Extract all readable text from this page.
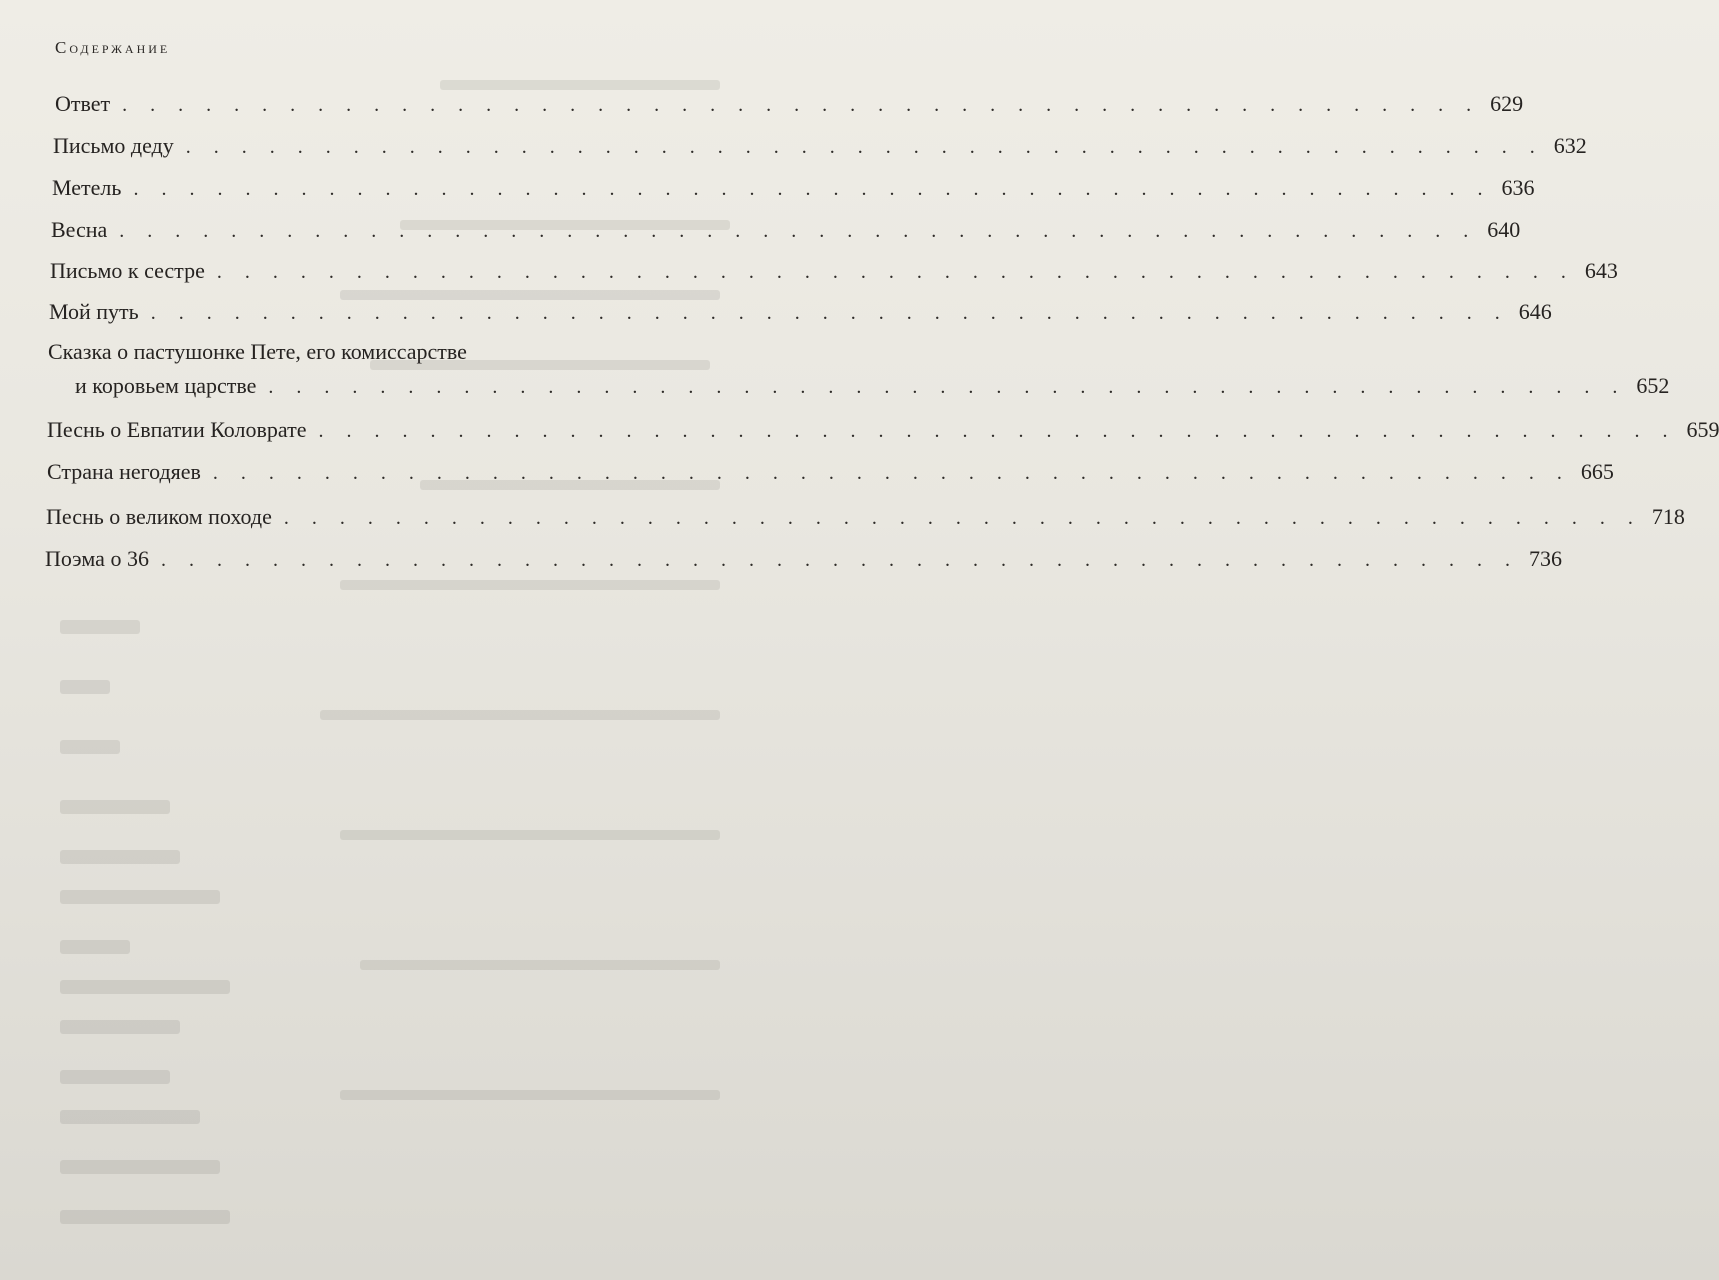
Содержание
Ответ . . . . . . . . . . . . . . . . . . . . . . . . . . . . . . . . . . . . . . . . . . . . . . . . . 629
Письмо деду . . . . . . . . . . . . . . . . . . . . . . . . . . . . . . . . . . . . . . . . . . . . . . . . . 632
Метель . . . . . . . . . . . . . . . . . . . . . . . . . . . . . . . . . . . . . . . . . . . . . . . . . 636
Весна . . . . . . . . . . . . . . . . . . . . . . . . . . . . . . . . . . . . . . . . . . . . . . . . . 640
Письмо к сестре . . . . . . . . . . . . . . . . . . . . . . . . . . . . . . . . . . . . . . . . . . . . . . . . . 643
Мой путь . . . . . . . . . . . . . . . . . . . . . . . . . . . . . . . . . . . . . . . . . . . . . . . . . 646
Сказка о пастушонке Пете, его комиссарстве
и коровьем царстве . . . . . . . . . . . . . . . . . . . . . . . . . . . . . . . . . . . . . . . . . . . . . . . . . 652
Песнь о Евпатии Коловрате . . . . . . . . . . . . . . . . . . . . . . . . . . . . . . . . . . . . . . . . . . . . . . . . . 659
Страна негодяев . . . . . . . . . . . . . . . . . . . . . . . . . . . . . . . . . . . . . . . . . . . . . . . . . 665
Песнь о великом походе . . . . . . . . . . . . . . . . . . . . . . . . . . . . . . . . . . . . . . . . . . . . . . . . . 718
Поэма о 36 . . . . . . . . . . . . . . . . . . . . . . . . . . . . . . . . . . . . . . . . . . . . . . . . . 736
